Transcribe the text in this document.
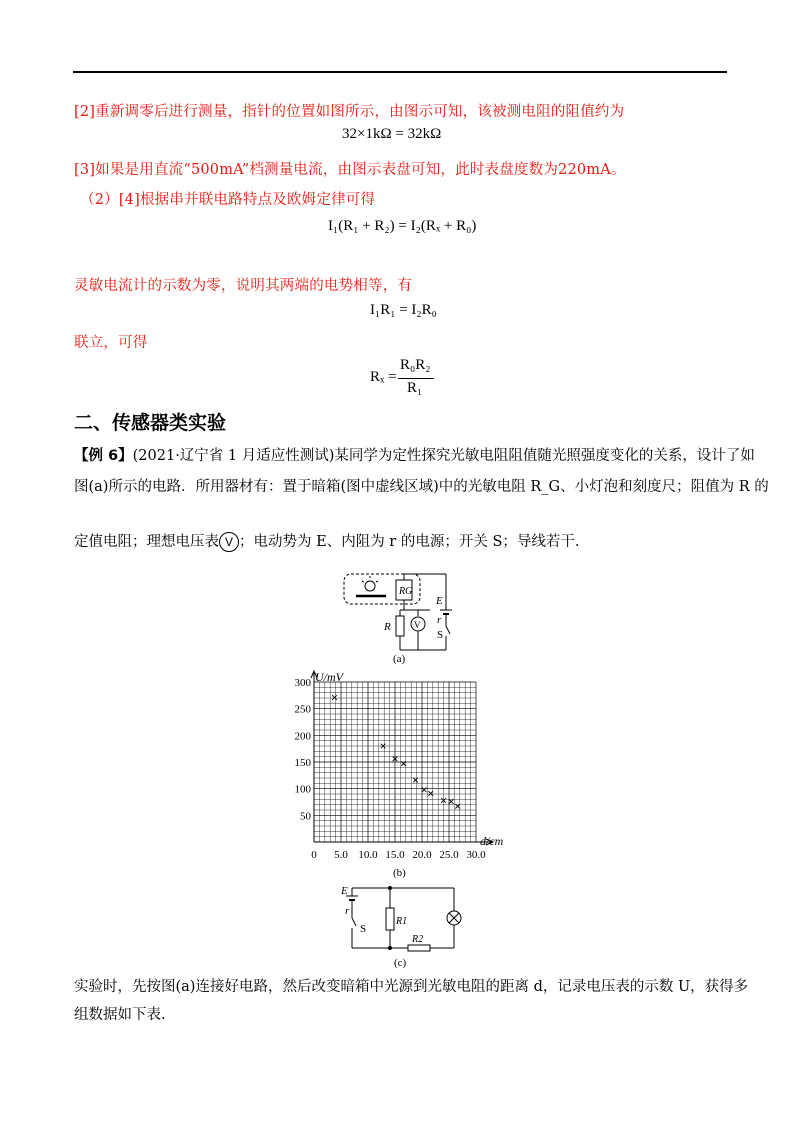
[2]重新调零后进行测量，指针的位置如图所示，由图示可知，该被测电阻的阻值约为
32×1kΩ = 32kΩ
[3]如果是用直流“500mA”档测量电流，由图示表盘可知，此时表盘度数为220mA。
（2）[4]根据串并联电路特点及欧姆定律可得
I₁(R₁ + R₂) = I₂(Rₓ + R₀)
灵敏电流计的示数为零，说明其两端的电势相等，有
I₁R₁ = I₂R₀
联立，可得
Rₓ =
R₀R₂
R₁
二、传感器类实验
【例 6】(2021·辽宁省 1 月适应性测试)某同学为定性探究光敏电阻阻值随光照强度变化的关系，设计了如
图(a)所示的电路．所用器材有：置于暗箱(图中虚线区域)中的光敏电阻 R_G、小灯泡和刻度尺；阻值为 R 的
定值电阻；理想电压表 V ；电动势为 E、内阻为 r 的电源；开关 S；导线若干.
RG
E
r
S
R	V
(a)
0 5.0 10.0 15.0 20.0 25.0 30.0
50
100
150
200
250
300 U/mV
d/cm
(b)
E
r
S
R1
R2
(c)
实验时，先按图(a)连接好电路，然后改变暗箱中光源到光敏电阻的距离 d，记录电压表的示数 U，获得多
组数据如下表.
